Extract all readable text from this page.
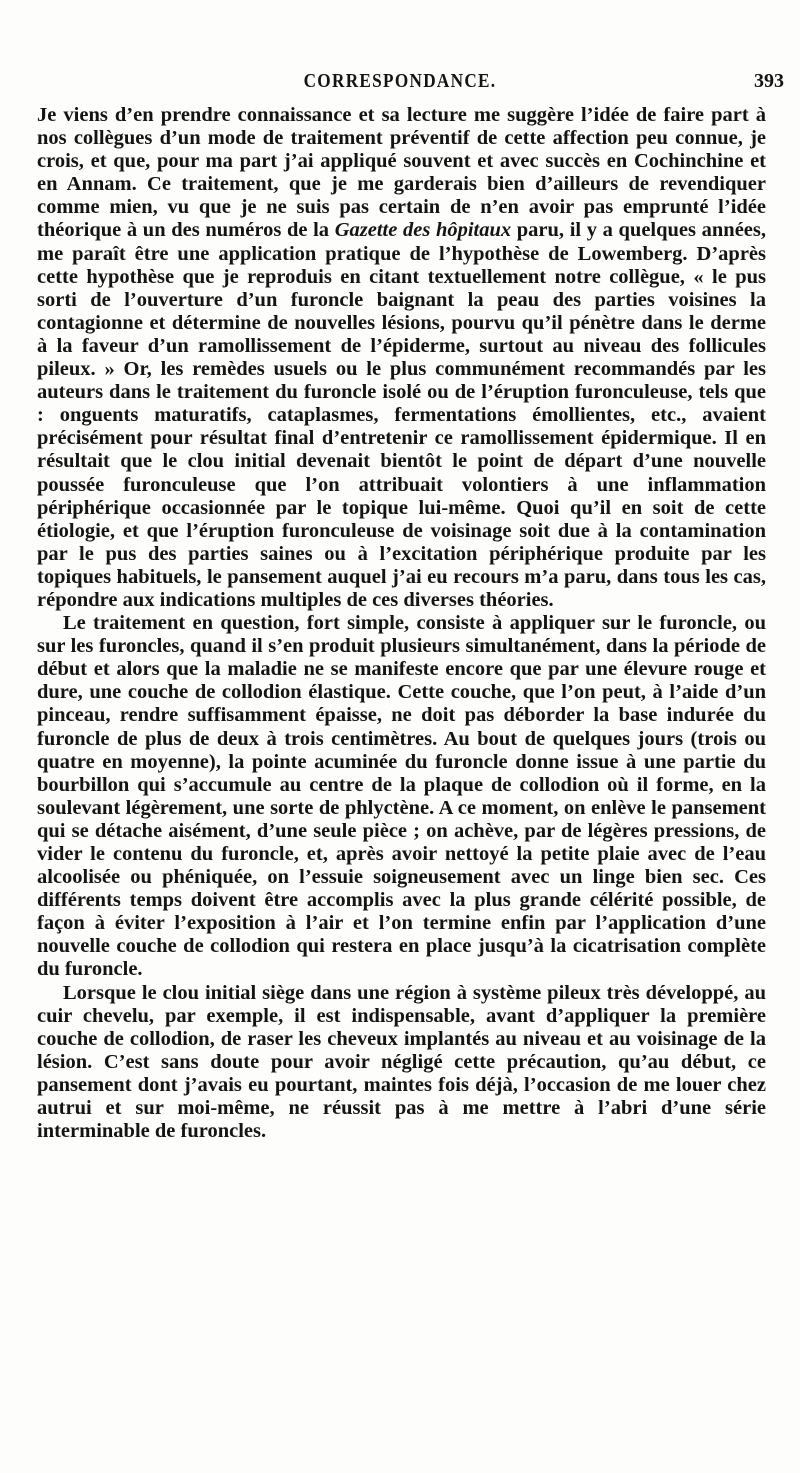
CORRESPONDANCE.	393

Je viens d’en prendre connaissance et sa lecture me suggère l’idée de faire part à nos collègues d’un mode de traitement préventif de cette affection peu connue, je crois, et que, pour ma part j’ai appliqué souvent et avec succès en Cochinchine et en Annam. Ce traitement, que je me garderais bien d’ailleurs de revendiquer comme mien, vu que je ne suis pas certain de n’en avoir pas emprunté l’idée théorique à un des numéros de la Gazette des hôpitaux paru, il y a quelques années, me paraît être une application pratique de l’hypothèse de Lowemberg. D’après cette hypothèse que je reproduis en citant textuellement notre collègue, « le pus sorti de l’ouverture d’un furoncle baignant la peau des parties voisines la contagionne et détermine de nouvelles lésions, pourvu qu’il pénètre dans le derme à la faveur d’un ramollissement de l’épiderme, surtout au niveau des follicules pileux. » Or, les remèdes usuels ou le plus communément recommandés par les auteurs dans le traitement du furoncle isolé ou de l’éruption furonculeuse, tels que : onguents maturatifs, cataplasmes, fermentations émollientes, etc., avaient précisément pour résultat final d’entretenir ce ramollissement épidermique. Il en résultait que le clou initial devenait bientôt le point de départ d’une nouvelle poussée furonculeuse que l’on attribuait volontiers à une inflammation périphérique occasionnée par le topique lui-même. Quoi qu’il en soit de cette étiologie, et que l’éruption furonculeuse de voisinage soit due à la contamination par le pus des parties saines ou à l’excitation périphérique produite par les topiques habituels, le pansement auquel j’ai eu recours m’a paru, dans tous les cas, répondre aux indications multiples de ces diverses théories.

Le traitement en question, fort simple, consiste à appliquer sur le furoncle, ou sur les furoncles, quand il s’en produit plusieurs simultanément, dans la période de début et alors que la maladie ne se manifeste encore que par une élevure rouge et dure, une couche de collodion élastique. Cette couche, que l’on peut, à l’aide d’un pinceau, rendre suffisamment épaisse, ne doit pas déborder la base indurée du furoncle de plus de deux à trois centimètres. Au bout de quelques jours (trois ou quatre en moyenne), la pointe acuminée du furoncle donne issue à une partie du bourbillon qui s’accumule au centre de la plaque de collodion où il forme, en la soulevant légèrement, une sorte de phlyctène. A ce moment, on enlève le pansement qui se détache aisément, d’une seule pièce ; on achève, par de légères pressions, de vider le contenu du furoncle, et, après avoir nettoyé la petite plaie avec de l’eau alcoolisée ou phéniquée, on l’essuie soigneusement avec un linge bien sec. Ces différents temps doivent être accomplis avec la plus grande célérité possible, de façon à éviter l’exposition à l’air et l’on termine enfin par l’application d’une nouvelle couche de collodion qui restera en place jusqu’à la cicatrisation complète du furoncle.

Lorsque le clou initial siège dans une région à système pileux très développé, au cuir chevelu, par exemple, il est indispensable, avant d’appliquer la première couche de collodion, de raser les cheveux implantés au niveau et au voisinage de la lésion. C’est sans doute pour avoir négligé cette précaution, qu’au début, ce pansement dont j’avais eu pourtant, maintes fois déjà, l’occasion de me louer chez autrui et sur moi-même, ne réussit pas à me mettre à l’abri d’une série interminable de furoncles.
